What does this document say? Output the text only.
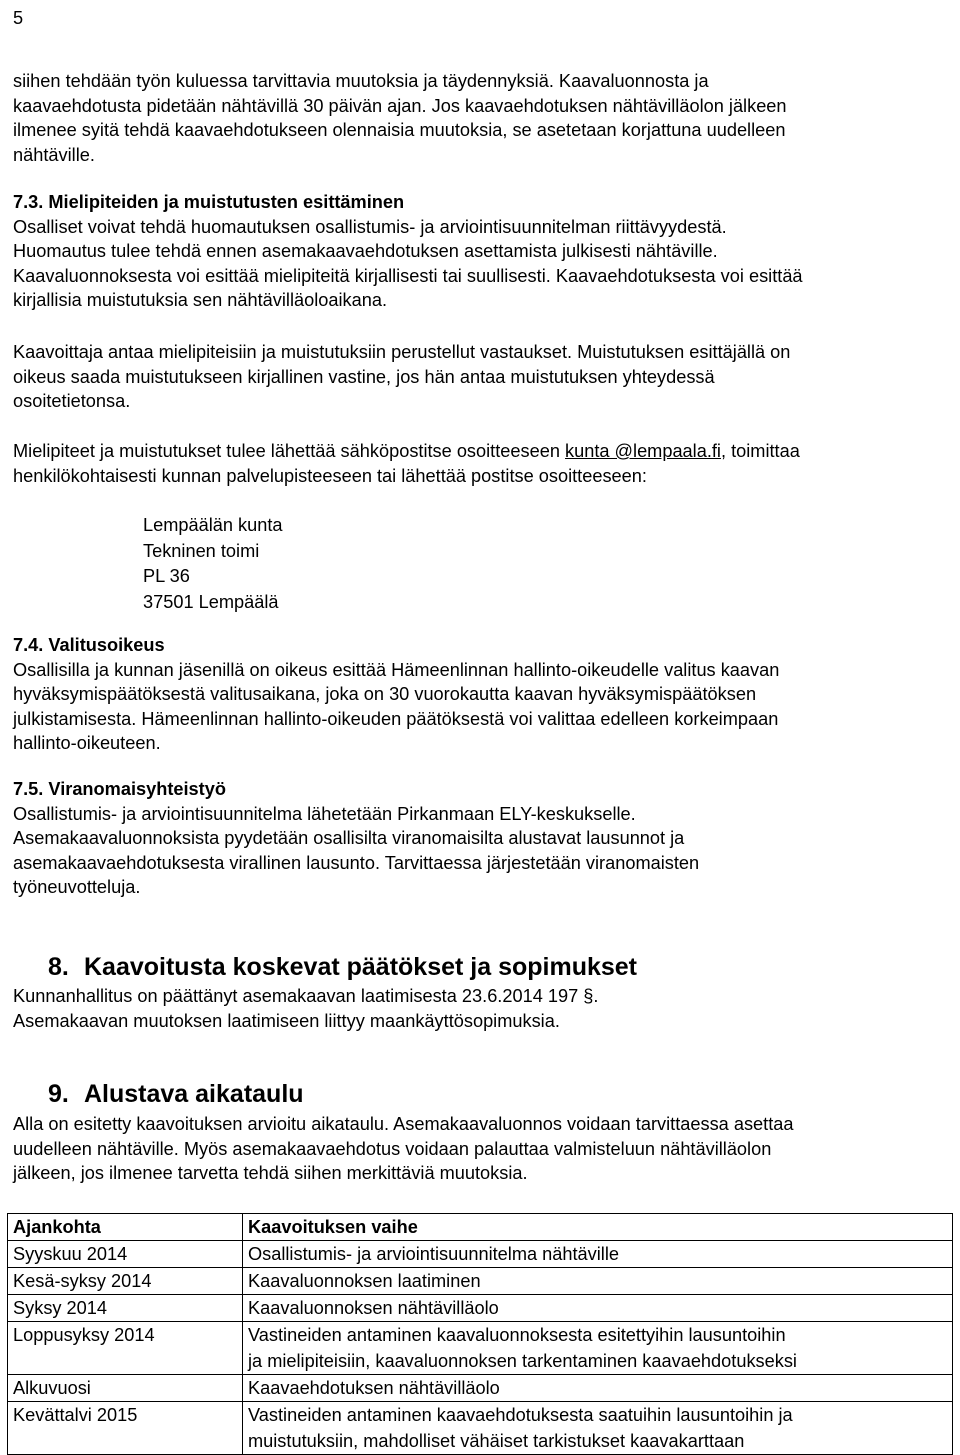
5

siihen tehdään työn kuluessa tarvittavia muutoksia ja täydennyksiä. Kaavaluonnosta ja

kaavaehdotusta pidetään nähtävillä 30 päivän ajan. Jos kaavaehdotuksen nähtävilläolon jälkeen

ilmenee syitä tehdä kaavaehdotukseen olennaisia muutoksia, se asetetaan korjattuna uudelleen

nähtäville.

7.3. Mielipiteiden ja muistutusten esittäminen

Osalliset voivat tehdä huomautuksen osallistumis- ja arviointisuunnitelman riittävyydestä.

Huomautus tulee tehdä ennen asemakaavaehdotuksen asettamista julkisesti nähtäville.

Kaavaluonnoksesta voi esittää mielipiteitä kirjallisesti tai suullisesti. Kaavaehdotuksesta voi esittää

kirjallisia muistutuksia sen nähtävilläoloaikana.

Kaavoittaja antaa mielipiteisiin ja muistutuksiin perustellut vastaukset. Muistutuksen esittäjällä on

oikeus saada muistutukseen kirjallinen vastine, jos hän antaa muistutuksen yhteydessä

osoitetietonsa.

Mielipiteet ja muistutukset tulee lähettää sähköpostitse osoitteeseen kunta @lempaala.fi, toimittaa

henkilökohtaisesti kunnan palvelupisteeseen tai lähettää postitse osoitteeseen:

Lempäälän kunta
Tekninen toimi
PL 36
37501 Lempäälä

7.4. Valitusoikeus

Osallisilla ja kunnan jäsenillä on oikeus esittää Hämeenlinnan hallinto-oikeudelle valitus kaavan

hyväksymispäätöksestä valitusaikana, joka on 30 vuorokautta kaavan hyväksymispäätöksen

julkistamisesta. Hämeenlinnan hallinto-oikeuden päätöksestä voi valittaa edelleen korkeimpaan

hallinto-oikeuteen.

7.5. Viranomaisyhteistyö

Osallistumis- ja arviointisuunnitelma lähetetään Pirkanmaan ELY-keskukselle.

Asemakaavaluonnoksista pyydetään osallisilta viranomaisilta alustavat lausunnot ja

asemakaavaehdotuksesta virallinen lausunto. Tarvittaessa järjestetään viranomaisten

työneuvotteluja.

8. Kaavoitusta koskevat päätökset ja sopimukset

Kunnanhallitus on päättänyt asemakaavan laatimisesta 23.6.2014 197 §.

Asemakaavan muutoksen laatimiseen liittyy maankäyttösopimuksia.

9. Alustava aikataulu

Alla on esitetty kaavoituksen arvioitu aikataulu. Asemakaavaluonnos voidaan tarvittaessa asettaa

uudelleen nähtäville. Myös asemakaavaehdotus voidaan palauttaa valmisteluun nähtävilläolon

jälkeen, jos ilmenee tarvetta tehdä siihen merkittäviä muutoksia.

Ajankohta	Kaavoituksen vaihe
Syyskuu 2014	Osallistumis- ja arviointisuunnitelma nähtäville

Kesä-syksy 2014	Kaavaluonnoksen laatiminen

Syksy 2014	Kaavaluonnoksen nähtävilläolo

Loppusyksy 2014	Vastineiden antaminen kaavaluonnoksesta esitettyihin lausuntoihin
ja mielipiteisiin, kaavaluonnoksen tarkentaminen kaavaehdotukseksi

Alkuvuosi	Kaavaehdotuksen nähtävilläolo

Kevättalvi 2015	Vastineiden antaminen kaavaehdotuksesta saatuihin lausuntoihin ja
muistutuksiin, mahdolliset vähäiset tarkistukset kaavakarttaan
